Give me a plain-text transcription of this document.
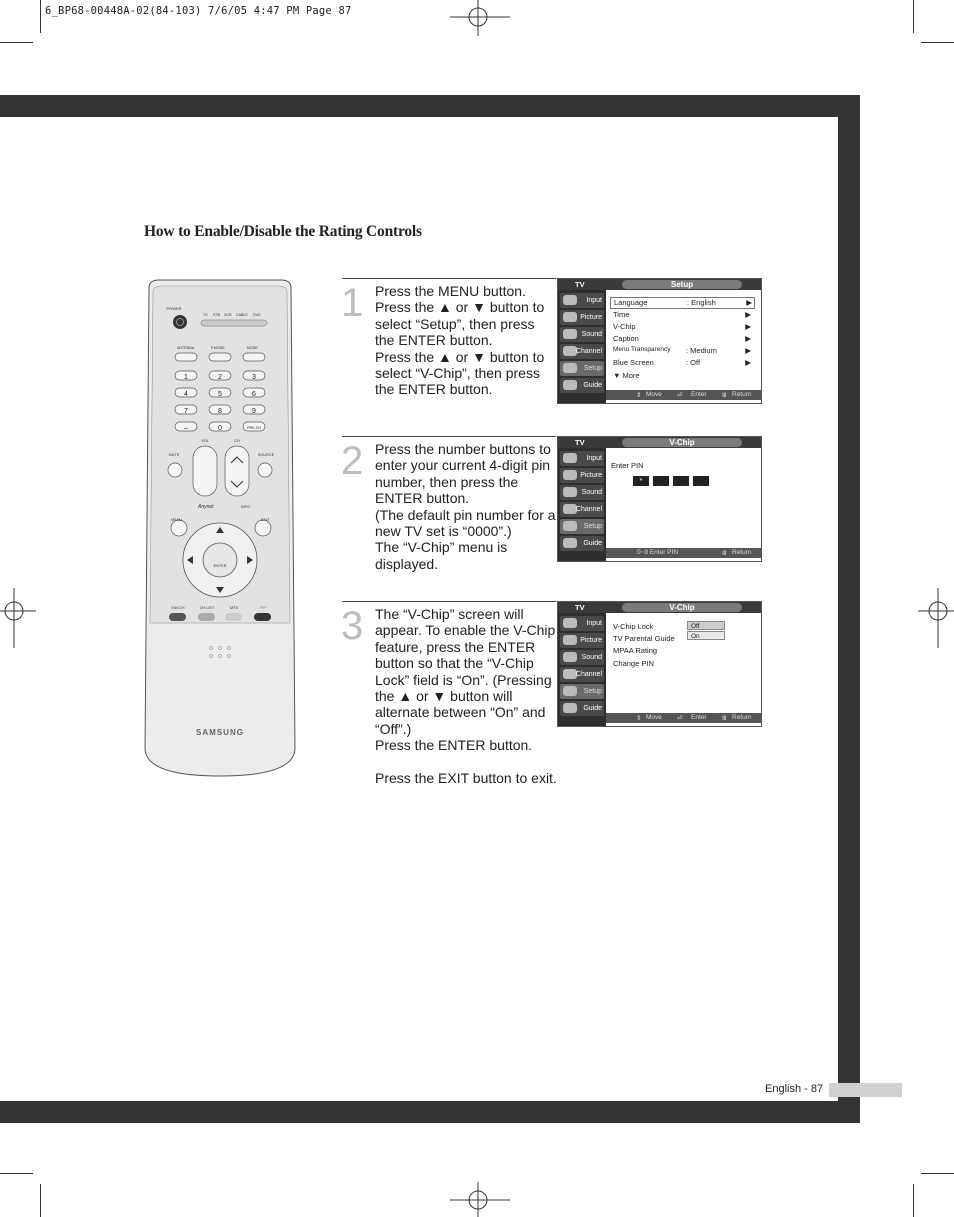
6_BP68-00448A-02(84-103) 7/6/05 4:47 PM Page 87
How to Enable/Disable the Rating Controls
POWER
TV STB VCR CABLE DVD
ANTENNA	P.MODE	MODE
1	2	3
4	5	6
7	8	9
–	0	PRE-CH
MUTE
VOL	CH
SOURCE
Anynet	INFO
MENU	EXIT
ENTER
FAV.CH	CH LIST	MTS	PIP
SAMSUNG
1 Press the MENU button.

Press the ▲ or ▼ button to select “Setup”, then press the ENTER button.

Press the ▲ or ▼ button to select “V-Chip”, then press the ENTER button.

TV	Setup
Input
Picture
Sound
Channel
Setup
Guide
Language	: English	▶
Time	▶
V-Chip	▶
Caption	▶
Menu Transparency : Medium	▶
Blue Screen	: Off	▶
▼ More
⇕ Move ⏎ Enter Ⅲ Return
2 Press the number buttons to enter your current 4-digit pin number, then press the ENTER button.

(The default pin number for a new TV set is “0000”.)

The “V-Chip” menu is displayed.

TV	V-Chip
Input
Picture
Sound
Channel
Setup
Guide
Enter PIN
*
0~9 Enter PIN	Ⅲ Return
3 The “V-Chip” screen will appear. To enable the V-Chip feature, press the ENTER button so that the “V-Chip Lock” field is “On”. (Pressing the ▲ or ▼ button will alternate between “On” and “Off”.)

Press the ENTER button.

Press the EXIT button to exit.

TV	V-Chip
Input
Picture
Sound
Channel
Setup
Guide
V-Chip Lock
TV Parental Guide
MPAA Rating
Change PIN
Off
On
⇕ Move ⏎ Enter Ⅲ Return
English - 87
